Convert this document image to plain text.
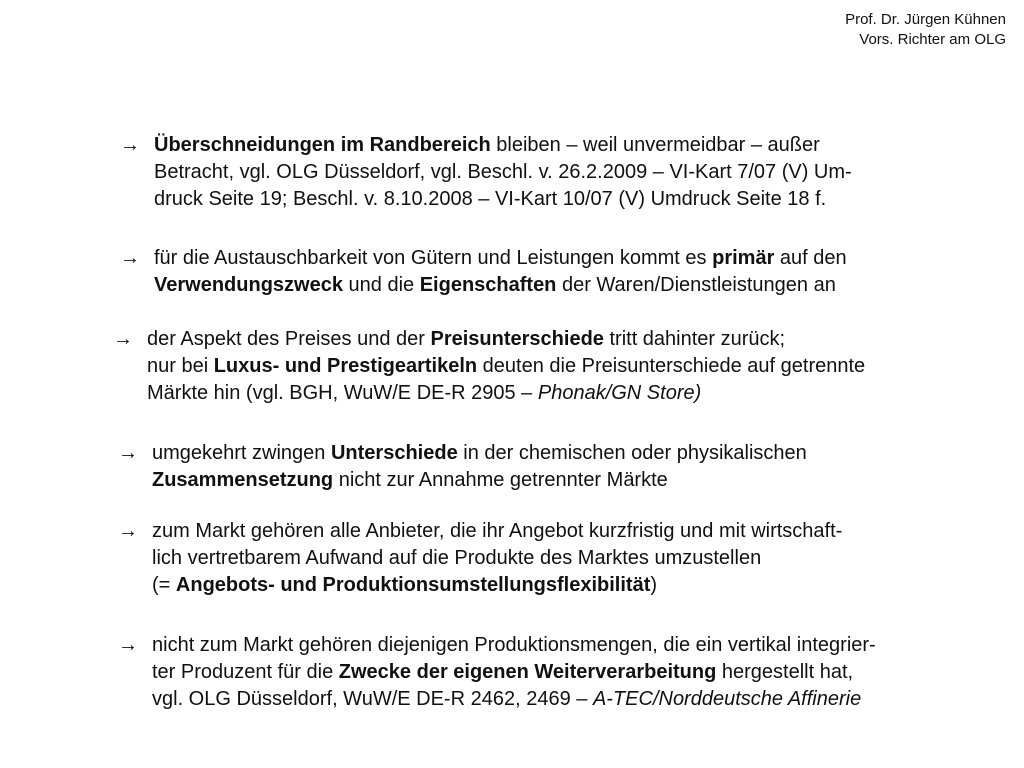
Prof. Dr. Jürgen Kühnen
Vors. Richter am OLG
→ Überschneidungen im Randbereich bleiben – weil unvermeidbar – außer
Betracht, vgl. OLG Düsseldorf, vgl. Beschl. v. 26.2.2009 – VI-Kart 7/07 (V) Um-
druck Seite 19; Beschl. v. 8.10.2008 – VI-Kart 10/07 (V) Umdruck Seite 18 f.
→ für die Austauschbarkeit von Gütern und Leistungen kommt es primär auf den
Verwendungszweck und die Eigenschaften der Waren/Dienstleistungen an
→ der Aspekt des Preises und der Preisunterschiede tritt dahinter zurück;
nur bei Luxus- und Prestigeartikeln deuten die Preisunterschiede auf getrennte
Märkte hin (vgl. BGH, WuW/E DE-R 2905 – Phonak/GN Store)
→ umgekehrt zwingen Unterschiede in der chemischen oder physikalischen
Zusammensetzung nicht zur Annahme getrennter Märkte
→ zum Markt gehören alle Anbieter, die ihr Angebot kurzfristig und mit wirtschaft-
lich vertretbarem Aufwand auf die Produkte des Marktes umzustellen
(= Angebots- und Produktionsumstellungsflexibilität)
→ nicht zum Markt gehören diejenigen Produktionsmengen, die ein vertikal integrier-
ter Produzent für die Zwecke der eigenen Weiterverarbeitung hergestellt hat,
vgl. OLG Düsseldorf, WuW/E DE-R 2462, 2469 – A-TEC/Norddeutsche Affinerie
